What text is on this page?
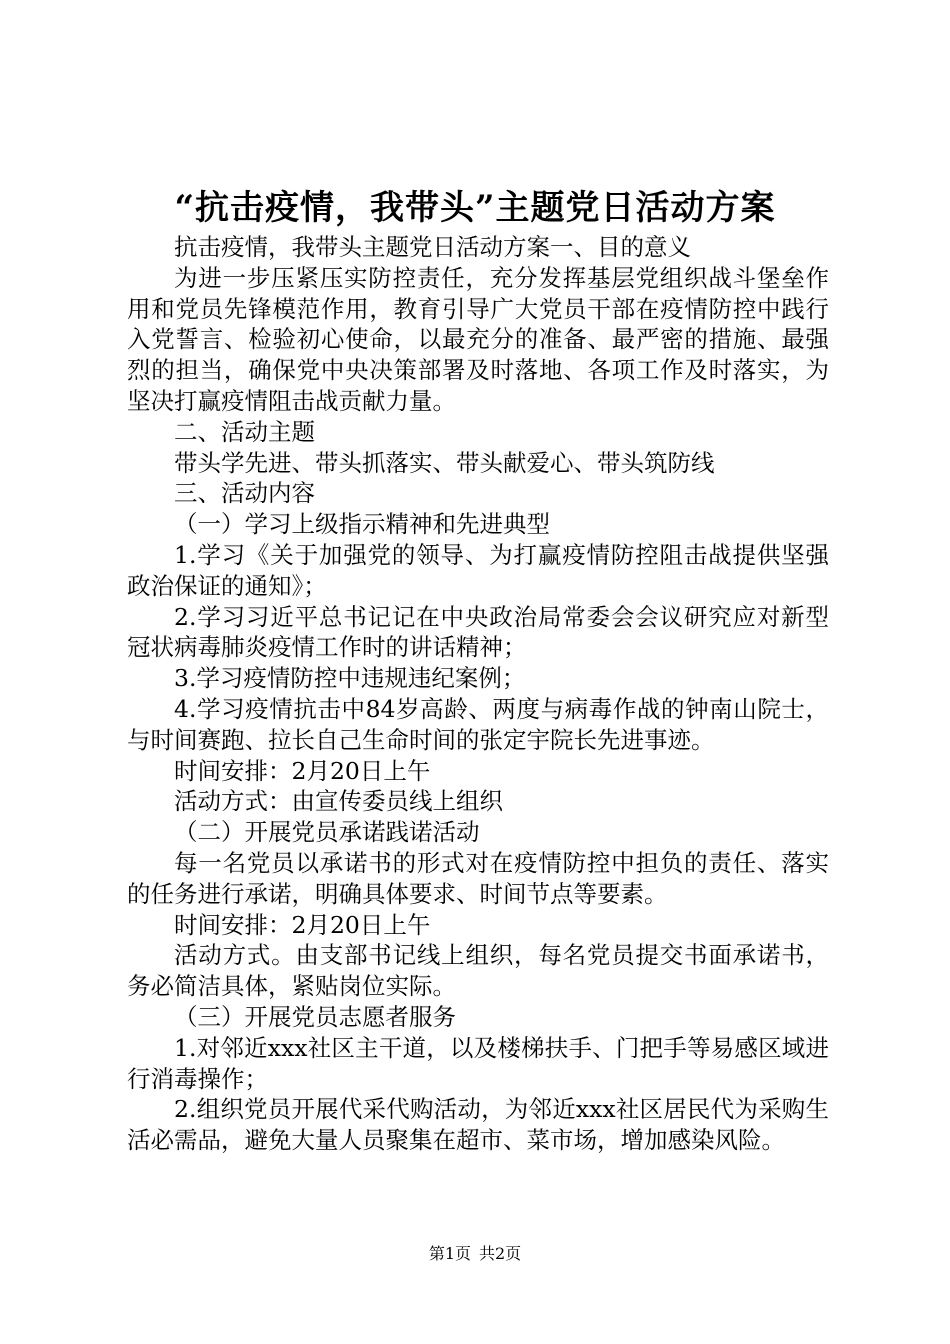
“抗击疫情，我带头”主题党日活动方案

抗击疫情，我带头主题党日活动方案一、目的意义

为进一步压紧压实防控责任，充分发挥基层党组织战斗堡垒作用和党员先锋模范作用，教育引导广大党员干部在疫情防控中践行入党誓言、检验初心使命，以最充分的准备、最严密的措施、最强烈的担当，确保党中央决策部署及时落地、各项工作及时落实，为坚决打赢疫情阻击战贡献力量。

二、活动主题

带头学先进、带头抓落实、带头献爱心、带头筑防线

三、活动内容

（一）学习上级指示精神和先进典型

1.学习《关于加强党的领导、为打赢疫情防控阻击战提供坚强政治保证的通知》；

2.学习习近平总书记记在中央政治局常委会会议研究应对新型冠状病毒肺炎疫情工作时的讲话精神；

3.学习疫情防控中违规违纪案例；

4.学习疫情抗击中84岁高龄、两度与病毒作战的钟南山院士，与时间赛跑、拉长自己生命时间的张定宇院长先进事迹。

时间安排：2月20日上午

活动方式：由宣传委员线上组织

（二）开展党员承诺践诺活动

每一名党员以承诺书的形式对在疫情防控中担负的责任、落实的任务进行承诺，明确具体要求、时间节点等要素。

时间安排：2月20日上午

活动方式。由支部书记线上组织，每名党员提交书面承诺书，务必简洁具体，紧贴岗位实际。

（三）开展党员志愿者服务

1.对邻近xxx社区主干道，以及楼梯扶手、门把手等易感区域进行消毒操作；

2.组织党员开展代采代购活动，为邻近xxx社区居民代为采购生活必需品，避免大量人员聚集在超市、菜市场，增加感染风险。

第1页 共2页
